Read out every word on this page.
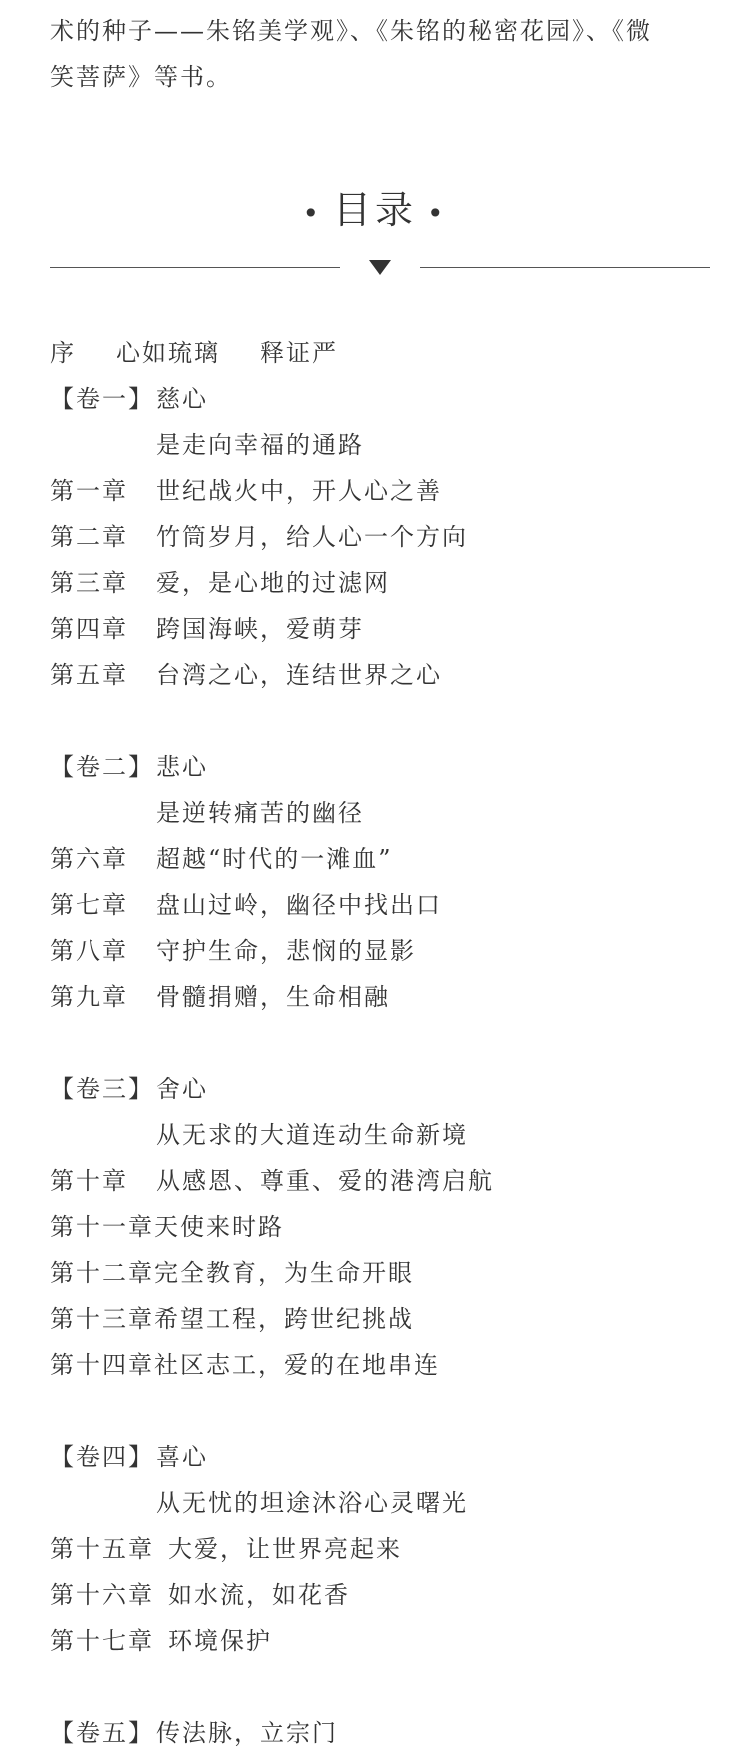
术的种子——朱铭美学观》、《朱铭的秘密花园》、《微

笑菩萨》等书。

• 目录 •
序 心如琉璃 释证严
【卷一】 慈心
是走向幸福的通路
第一章 世纪战火中，开人心之善
第二章 竹筒岁月，给人心一个方向
第三章 爱，是心地的过滤网
第四章 跨国海峡，爱萌芽
第五章 台湾之心，连结世界之心
【卷二】 悲心
是逆转痛苦的幽径
第六章 超越“时代的一滩血”
第七章 盘山过岭，幽径中找出口
第八章 守护生命，悲悯的显影
第九章 骨髓捐赠，生命相融
【卷三】 舍心
从无求的大道连动生命新境
第十章 从感恩、尊重、爱的港湾启航
第十一章 天使来时路
第十二章 完全教育，为生命开眼
第十三章 希望工程，跨世纪挑战
第十四章 社区志工，爱的在地串连
【卷四】 喜心
从无忧的坦途沐浴心灵曙光
第十五章 大爱，让世界亮起来
第十六章 如水流，如花香
第十七章 环境保护
【卷五】 传法脉，立宗门
